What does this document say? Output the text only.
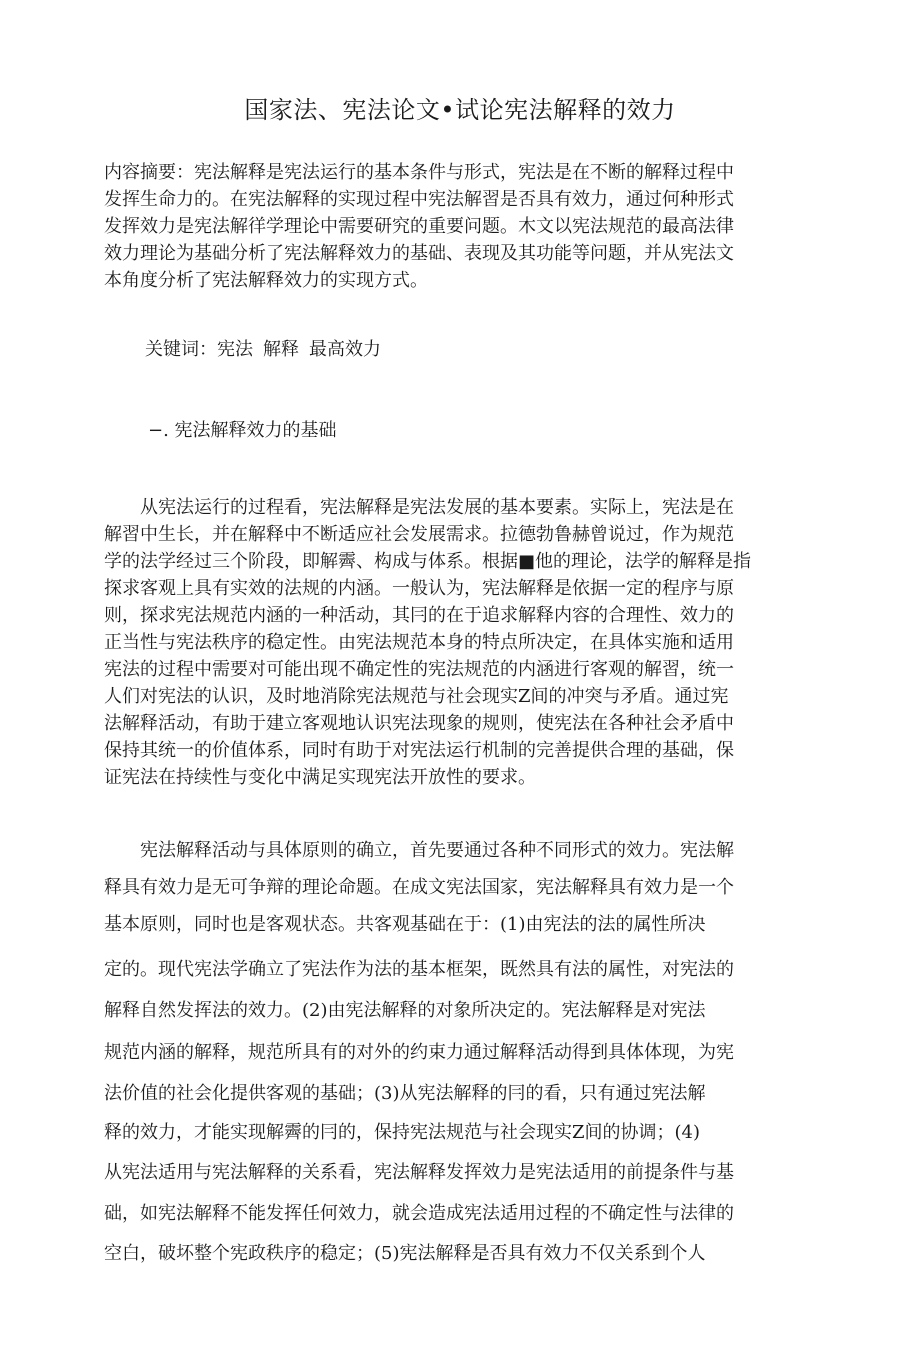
国家法、宪法论文•试论宪法解释的效力

内容摘要：宪法解释是宪法运行的基本条件与形式，宪法是在不断的解释过程中

发挥生命力的。在宪法解释的实现过程中宪法解習是否具有效力，通过何种形式

发挥效力是宪法解徉学理论中需要研究的重要问题。木文以宪法规范的最高法律

效力理论为基础分析了宪法解释效力的基础、表现及其功能等问题，并从宪法文

本角度分析了宪法解释效力的实现方式。

关键词：宪法 解释 最高效力

−. 宪法解释效力的基础

　　从宪法运行的过程看，宪法解释是宪法发展的基本要素。实际上，宪法是在

解習中生长，并在解释中不断适应社会发展需求。拉德勃鲁赫曾说过，作为规范

学的法学经过三个阶段，即解霽、构成与体系。根据■他的理论，法学的解释是指

探求客观上具有实效的法规的内涵。一般认为，宪法解释是依据一定的程序与原

则，探求宪法规范内涵的一种活动，其冃的在于追求解释内容的合理性、效力的

正当性与宪法秩序的稳定性。由宪法规范本身的特点所决定，在具体实施和适用

宪法的过程中需要对可能出现不确定性的宪法规范的内涵进行客观的解習，统一

人们对宪法的认识，及时地消除宪法规范与社会现实Z间的冲突与矛盾。通过宪

法解释活动，有助于建立客观地认识宪法现象的规则，使宪法在各种社会矛盾中

保持其统一的价值体系，同时有助于对宪法运行机制的完善提供合理的基础，保

证宪法在持续性与变化中满足实现宪法开放性的要求。

　　宪法解释活动与具体原则的确立，首先要通过各种不同形式的效力。宪法解

释具有效力是无可争辩的理论命题。在成文宪法国家，宪法解释具有效力是一个

基本原则，同时也是客观状态。共客观基础在于：(1)由宪法的法的属性所决

定的。现代宪法学确立了宪法作为法的基本框架，既然具有法的属性，对宪法的

解释自然发挥法的效力。(2)由宪法解释的对象所决定的。宪法解释是对宪法

规范内涵的解释，规范所具有的对外的约束力通过解释活动得到具体体现，为宪

法价值的社会化提供客观的基础；(3)从宪法解释的冃的看，只有通过宪法解

释的效力，才能实现解霽的冃的，保持宪法规范与社会现实Z间的协调；(4)

从宪法适用与宪法解释的关系看，宪法解释发挥效力是宪法适用的前提条件与基

础，如宪法解释不能发挥任何效力，就会造成宪法适用过程的不确定性与法律的

空白，破坏整个宪政秩序的稳定；(5)宪法解释是否具有效力不仅关系到个人
